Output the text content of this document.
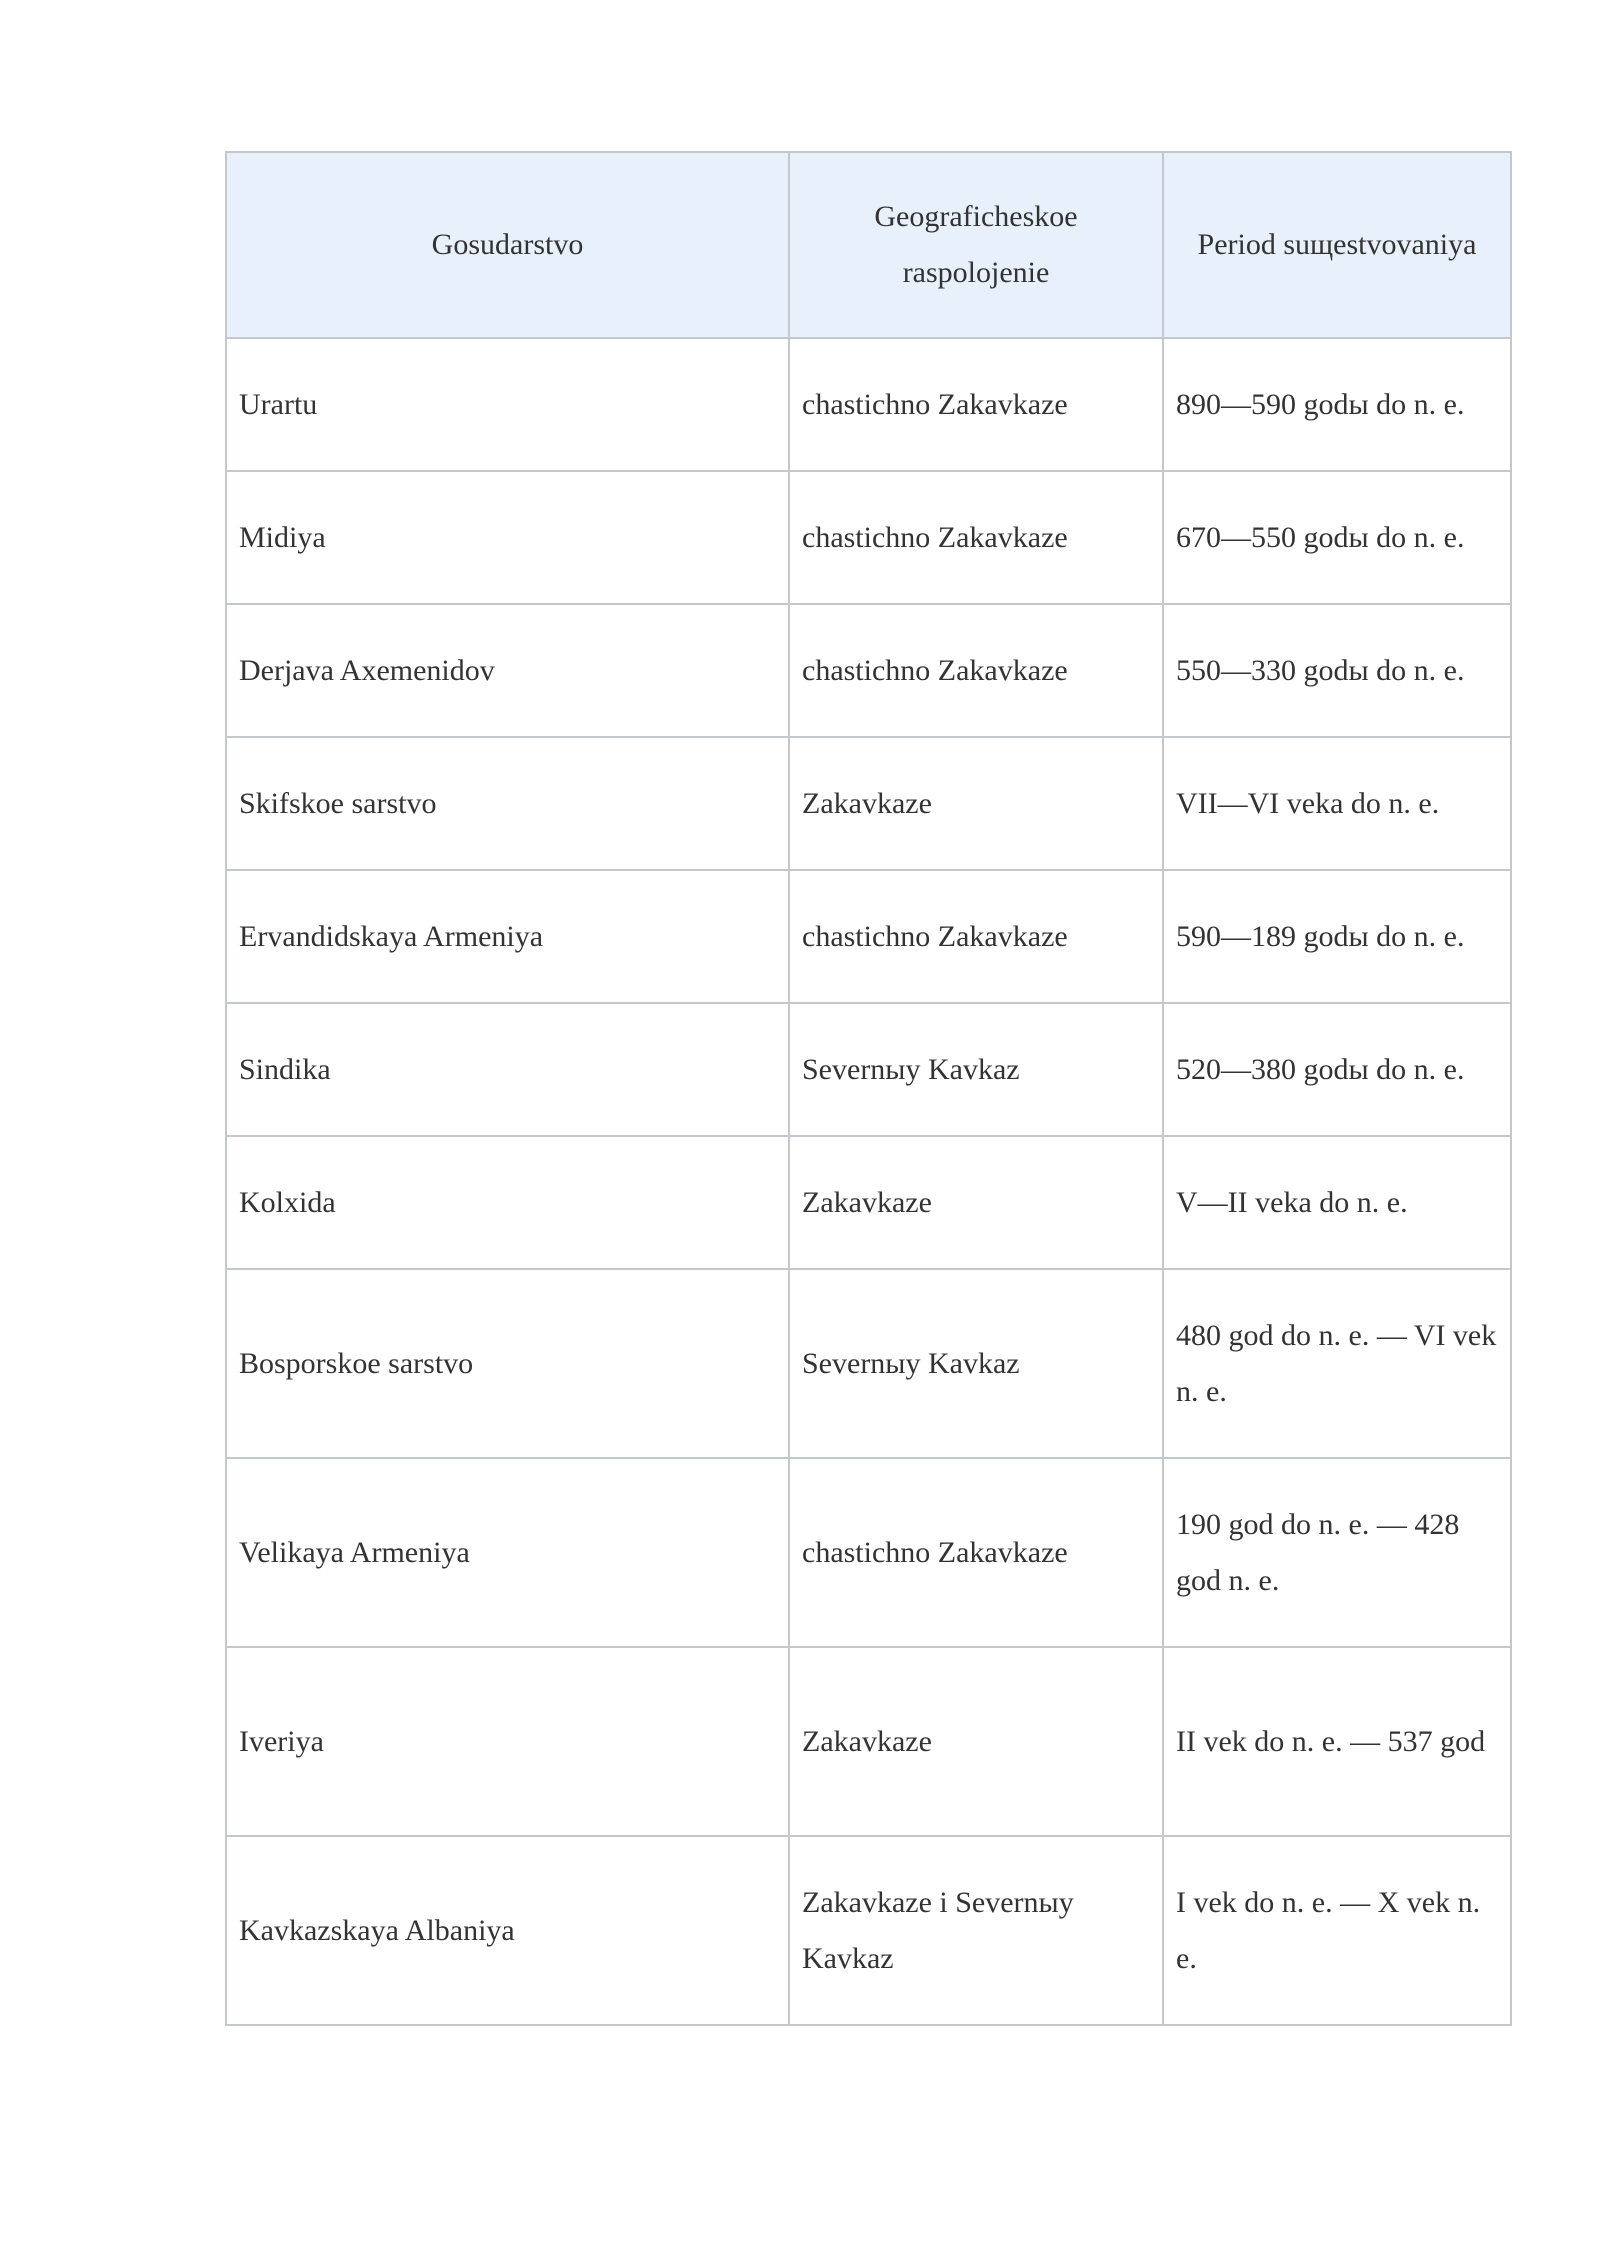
Gosudarstvo	Geograficheskoe raspolojenie	Period suщestvovaniya
Urartu	chastichno Zakavkaze	890—590 godы do n. e.
Midiya	chastichno Zakavkaze	670—550 godы do n. e.
Derjava Axemenidov	chastichno Zakavkaze	550—330 godы do n. e.
Skifskoe sarstvo	Zakavkaze	VII—VI veka do n. e.
Ervandidskaya Armeniya	chastichno Zakavkaze	590—189 godы do n. e.
Sindika	Severnыy Kavkaz	520—380 godы do n. e.
Kolxida	Zakavkaze	V—II veka do n. e.
Bosporskoe sarstvo	Severnыy Kavkaz	480 god do n. e. — VI vek n. e.
Velikaya Armeniya	chastichno Zakavkaze	190 god do n. e. — 428 god n. e.
Iveriya	Zakavkaze	II vek do n. e. — 537 god
Kavkazskaya Albaniya	Zakavkaze i Severnыy Kavkaz	I vek do n. e. — X vek n. e.
